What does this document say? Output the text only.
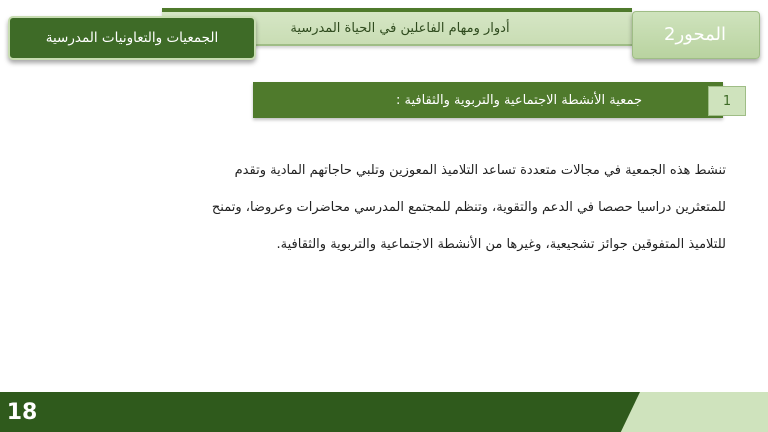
أدوار ومهام الفاعلين في الحياة المدرسية	المحور2
الجمعيات والتعاونيات المدرسية
1
جمعية الأنشطة الاجتماعية والتربوية والثقافية :
تنشط هذه الجمعية في مجالات متعددة تساعد التلاميذ المعوزين وتلبي حاجاتهم المادية وتقدم للمتعثرين دراسيا حصصا في الدعم والتقوية، وتنظم للمجتمع المدرسي محاضرات وعروضا، وتمنح للتلاميذ المتفوقين جوائز تشجيعية، وغيرها من الأنشطة الاجتماعية والتربوية والثقافية.
18
